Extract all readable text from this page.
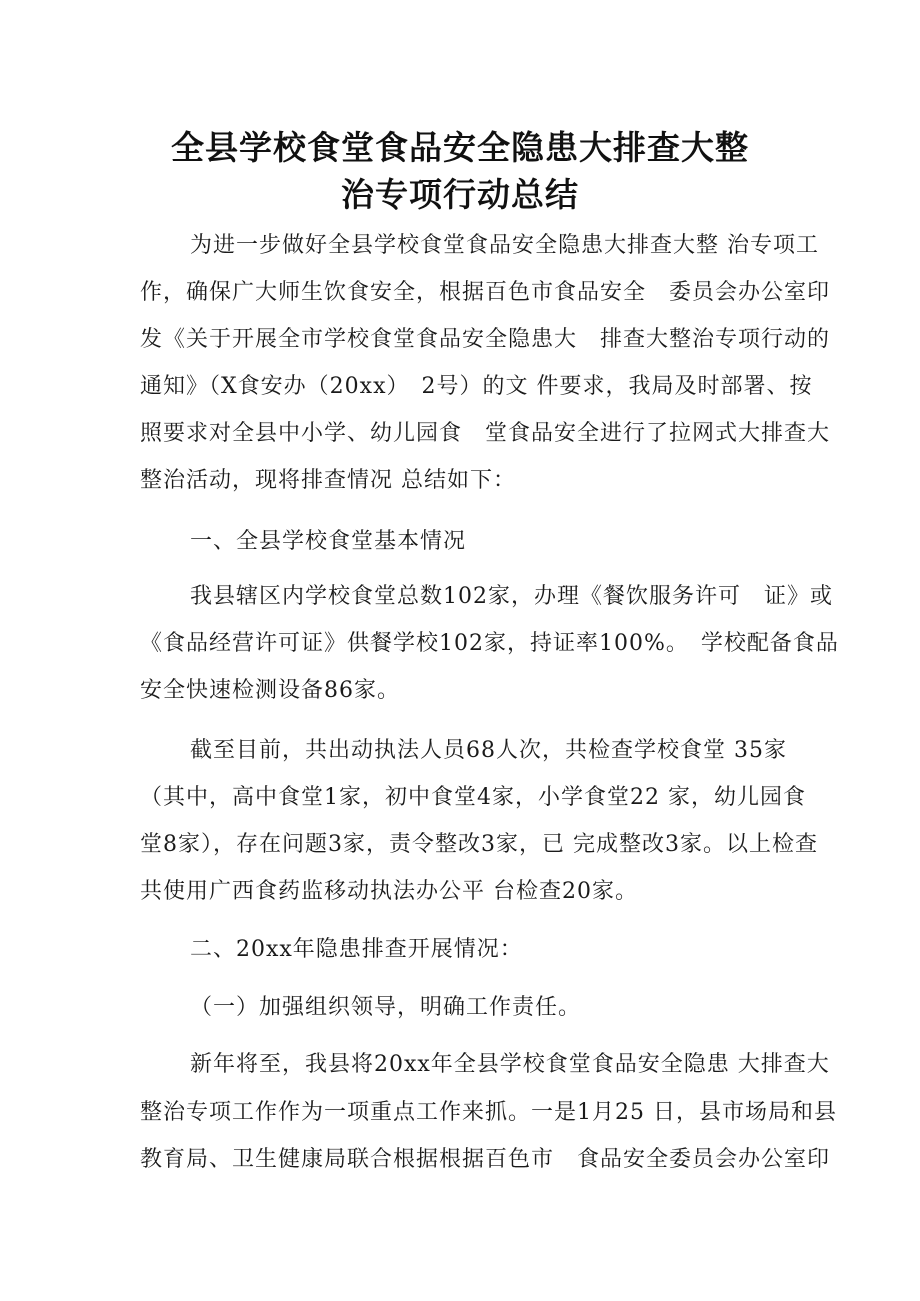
全县学校食堂食品安全隐患大排查大整
治专项行动总结
为进一步做好全县学校食堂食品安全隐患大排查大整 治专项工
作，确保广大师生饮食安全，根据百色市食品安全　委员会办公室印
发《关于开展全市学校食堂食品安全隐患大　排查大整治专项行动的
通知》（X食安办（20xx）　2号）的文 件要求，我局及时部署、按
照要求对全县中小学、幼儿园食　堂食品安全进行了拉网式大排查大
整治活动，现将排查情况 总结如下：
一、全县学校食堂基本情况
我县辖区内学校食堂总数102家，办理《餐饮服务许可　证》或
《食品经营许可证》供餐学校102家，持证率100%。　学校配备食品
安全快速检测设备86家。
截至目前，共出动执法人员68人次，共检查学校食堂 35家
（其中，高中食堂1家，初中食堂4家，小学食堂22 家，幼儿园食
堂8家），存在问题3家，责令整改3家，已 完成整改3家。以上检查
共使用广西食药监移动执法办公平 台检查20家。
二、20xx年隐患排查开展情况：
（一）加强组织领导，明确工作责任。
新年将至，我县将20xx年全县学校食堂食品安全隐患 大排查大
整治专项工作作为一项重点工作来抓。一是1月25 日，县市场局和县
教育局、卫生健康局联合根据根据百色市　食品安全委员会办公室印
